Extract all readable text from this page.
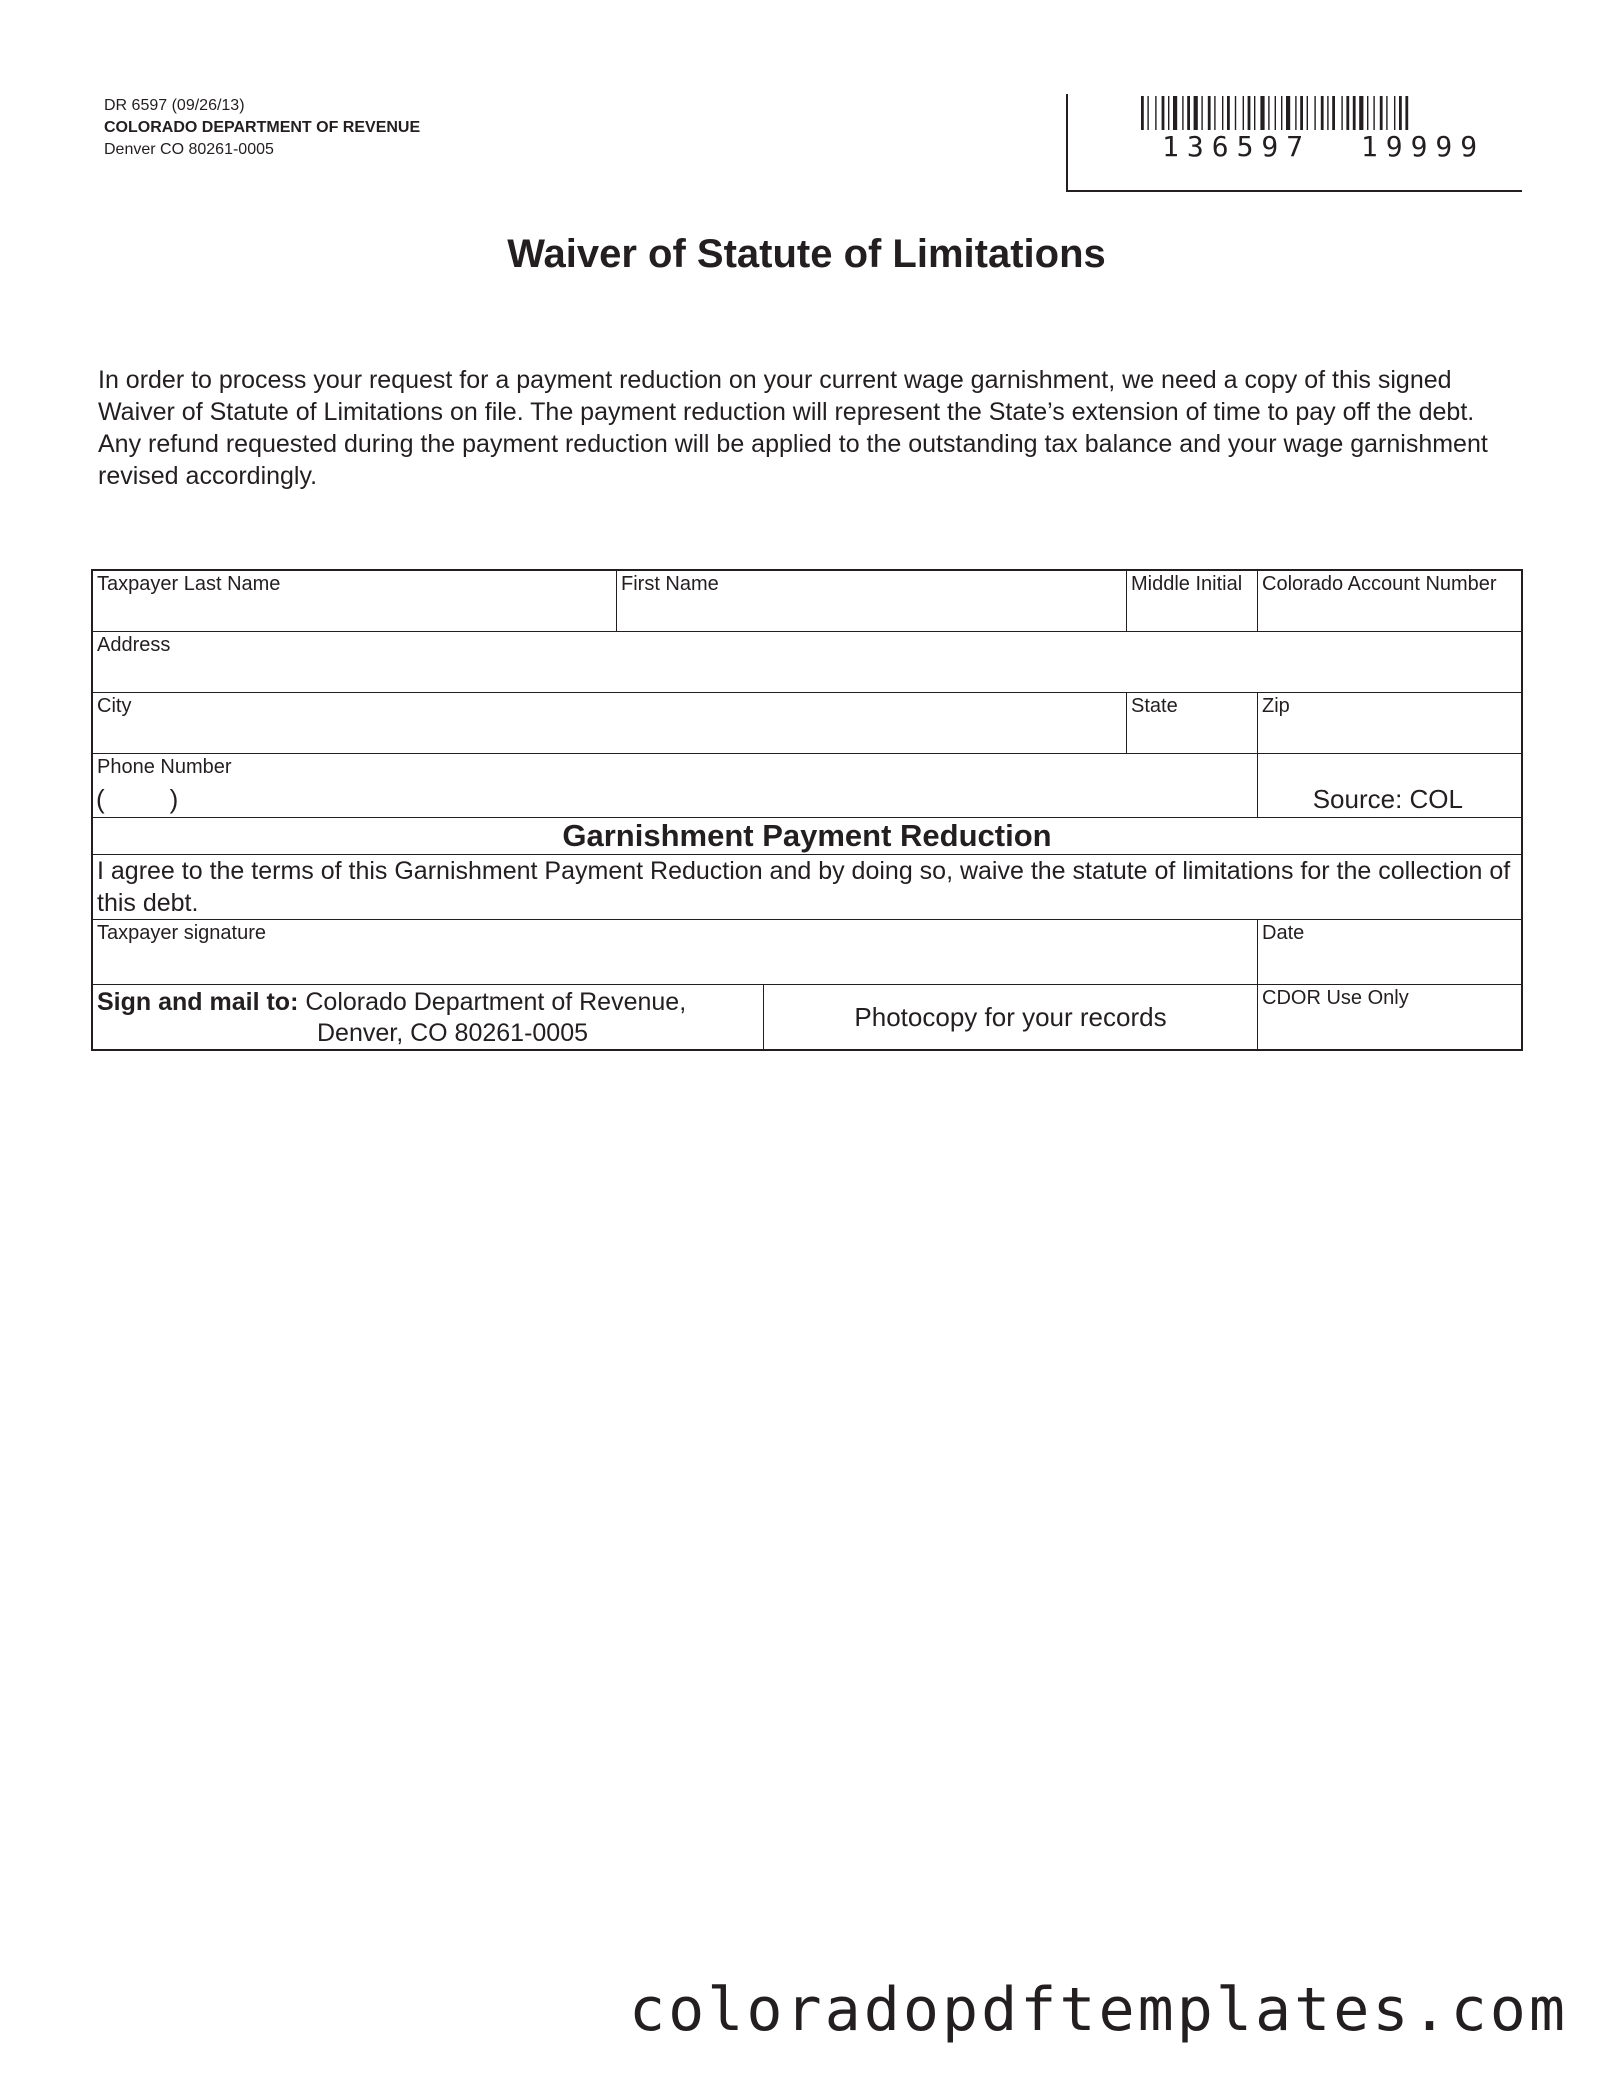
DR 6597 (09/26/13)
COLORADO DEPARTMENT OF REVENUE
Denver CO 80261-0005	136597  19999
Waiver of Statute of Limitations

In order to process your request for a payment reduction on your current wage garnishment, we need a copy of this signed Waiver of Statute of Limitations on file. The payment reduction will represent the State’s extension of time to pay off the debt.

Any refund requested during the payment reduction will be applied to the outstanding tax balance and your wage garnishment revised accordingly.

Taxpayer Last Name	First Name	Middle Initial Colorado Account Number
Address
City	State	Zip
Phone Number
(         )	Source: COL
Garnishment Payment Reduction
I agree to the terms of this Garnishment Payment Reduction and by doing so, waive the statute of limitations for the collection of this debt.
Taxpayer signature	Date
Sign and mail to: Colorado Department of Revenue,
Denver, CO 80261-0005
Photocopy for your records
CDOR Use Only
coloradopdftemplates.com
